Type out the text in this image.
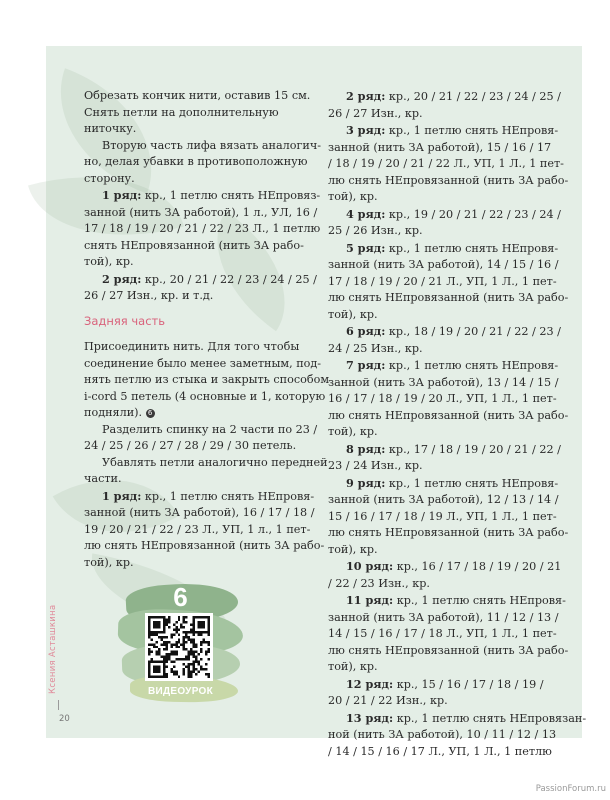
Обрезать кончик нити, оставив 15 см.
Снять петли на дополнительную
ниточку.
Вторую часть лифа вязать аналогич-
но, делая убавки в противоположную
сторону.
1 ряд: кр., 1 петлю снять НЕпровяз-
занной (нить ЗА работой), 1 л., УЛ, 16 /
17 / 18 / 19 / 20 / 21 / 22 / 23 Л., 1 петлю
снять НЕпровязанной (нить ЗА рабо-
той), кр.
2 ряд: кр., 20 / 21 / 22 / 23 / 24 / 25 /
26 / 27 Изн., кр. и т.д.
Задняя часть
Присоединить нить. Для того чтобы
соединение было менее заметным, под-
нять петлю из стыка и закрыть способом
i-cord 5 петель (4 основные и 1, которую
подняли). 6
Разделить спинку на 2 части по 23 /
24 / 25 / 26 / 27 / 28 / 29 / 30 петель.
Убавлять петли аналогично передней
части.
1 ряд: кр., 1 петлю снять НЕпровя-
занной (нить ЗА работой), 16 / 17 / 18 /
19 / 20 / 21 / 22 / 23 Л., УП, 1 л., 1 пет-
лю снять НЕпровязанной (нить ЗА рабо-
той), кр.
2 ряд: кр., 20 / 21 / 22 / 23 / 24 / 25 /
26 / 27 Изн., кр.
3 ряд: кр., 1 петлю снять НЕпровя-
занной (нить ЗА работой), 15 / 16 / 17
/ 18 / 19 / 20 / 21 / 22 Л., УП, 1 Л., 1 пет-
лю снять НЕпровязанной (нить ЗА рабо-
той), кр.
4 ряд: кр., 19 / 20 / 21 / 22 / 23 / 24 /
25 / 26 Изн., кр.
5 ряд: кр., 1 петлю снять НЕпровя-
занной (нить ЗА работой), 14 / 15 / 16 /
17 / 18 / 19 / 20 / 21 Л., УП, 1 Л., 1 пет-
лю снять НЕпровязанной (нить ЗА рабо-
той), кр.
6 ряд: кр., 18 / 19 / 20 / 21 / 22 / 23 /
24 / 25 Изн., кр.
7 ряд: кр., 1 петлю снять НЕпровя-
занной (нить ЗА работой), 13 / 14 / 15 /
16 / 17 / 18 / 19 / 20 Л., УП, 1 Л., 1 пет-
лю снять НЕпровязанной (нить ЗА рабо-
той), кр.
8 ряд: кр., 17 / 18 / 19 / 20 / 21 / 22 /
23 / 24 Изн., кр.
9 ряд: кр., 1 петлю снять НЕпровя-
занной (нить ЗА работой), 12 / 13 / 14 /
15 / 16 / 17 / 18 / 19 Л., УП, 1 Л., 1 пет-
лю снять НЕпровязанной (нить ЗА рабо-
той), кр.
10 ряд: кр., 16 / 17 / 18 / 19 / 20 / 21
/ 22 / 23 Изн., кр.
11 ряд: кр., 1 петлю снять НЕпровя-
занной (нить ЗА работой), 11 / 12 / 13 /
14 / 15 / 16 / 17 / 18 Л., УП, 1 Л., 1 пет-
лю снять НЕпровязанной (нить ЗА рабо-
той), кр.
12 ряд: кр., 15 / 16 / 17 / 18 / 19 /
20 / 21 / 22 Изн., кр.
13 ряд: кр., 1 петлю снять НЕпровязан-
ной (нить ЗА работой), 10 / 11 / 12 / 13
/ 14 / 15 / 16 / 17 Л., УП, 1 Л., 1 петлю
6
ВИДЕОУРОК
Ксения Асташкина
20
PassionForum.ru
